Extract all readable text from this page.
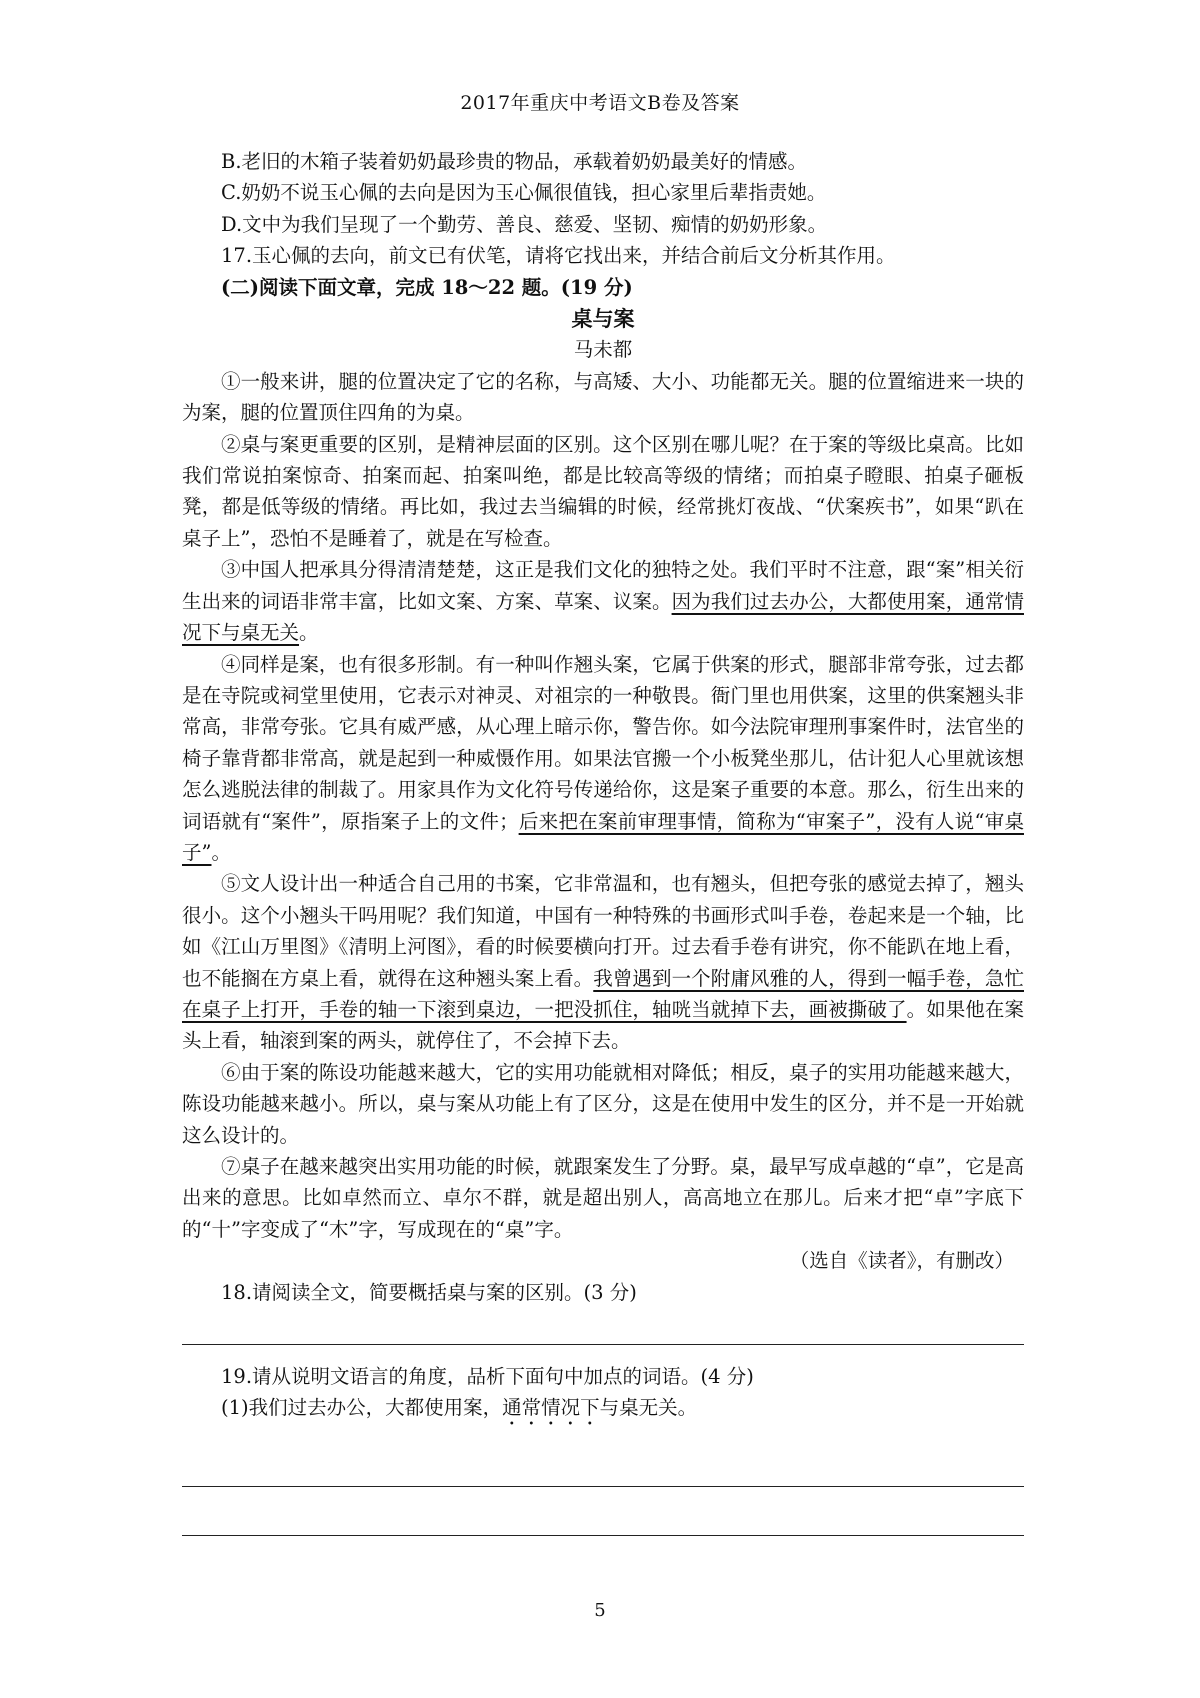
2017年重庆中考语文B卷及答案

B.老旧的木箱子装着奶奶最珍贵的物品，承载着奶奶最美好的情感。

C.奶奶不说玉心佩的去向是因为玉心佩很值钱，担心家里后辈指责她。

D.文中为我们呈现了一个勤劳、善良、慈爱、坚韧、痴情的奶奶形象。

17.玉心佩的去向，前文已有伏笔，请将它找出来，并结合前后文分析其作用。

(二)阅读下面文章，完成 18～22 题。(19 分)

桌与案

马未都

①一般来讲，腿的位置决定了它的名称，与高矮、大小、功能都无关。腿的位置缩进来一块的为案，腿的位置顶住四角的为桌。

②桌与案更重要的区别，是精神层面的区别。这个区别在哪儿呢？在于案的等级比桌高。比如我们常说拍案惊奇、拍案而起、拍案叫绝，都是比较高等级的情绪；而拍桌子瞪眼、拍桌子砸板凳，都是低等级的情绪。再比如，我过去当编辑的时候，经常挑灯夜战、“伏案疾书”，如果“趴在桌子上”，恐怕不是睡着了，就是在写检查。

③中国人把承具分得清清楚楚，这正是我们文化的独特之处。我们平时不注意，跟“案”相关衍生出来的词语非常丰富，比如文案、方案、草案、议案。因为我们过去办公，大都使用案，通常情况下与桌无关。

④同样是案，也有很多形制。有一种叫作翘头案，它属于供案的形式，腿部非常夸张，过去都是在寺院或祠堂里使用，它表示对神灵、对祖宗的一种敬畏。衙门里也用供案，这里的供案翘头非常高，非常夸张。它具有威严感，从心理上暗示你，警告你。如今法院审理刑事案件时，法官坐的椅子靠背都非常高，就是起到一种威慑作用。如果法官搬一个小板凳坐那儿，估计犯人心里就该想怎么逃脱法律的制裁了。用家具作为文化符号传递给你，这是案子重要的本意。那么，衍生出来的词语就有“案件”，原指案子上的文件；后来把在案前审理事情，简称为“审案子”，没有人说“审桌子”。

⑤文人设计出一种适合自己用的书案，它非常温和，也有翘头，但把夸张的感觉去掉了，翘头很小。这个小翘头干吗用呢？我们知道，中国有一种特殊的书画形式叫手卷，卷起来是一个轴，比如《江山万里图》《清明上河图》，看的时候要横向打开。过去看手卷有讲究，你不能趴在地上看，也不能搁在方桌上看，就得在这种翘头案上看。我曾遇到一个附庸风雅的人，得到一幅手卷，急忙在桌子上打开，手卷的轴一下滚到桌边，一把没抓住，轴咣当就掉下去，画被撕破了。如果他在案头上看，轴滚到案的两头，就停住了，不会掉下去。

⑥由于案的陈设功能越来越大，它的实用功能就相对降低；相反，桌子的实用功能越来越大，陈设功能越来越小。所以，桌与案从功能上有了区分，这是在使用中发生的区分，并不是一开始就这么设计的。

⑦桌子在越来越突出实用功能的时候，就跟案发生了分野。桌，最早写成卓越的“卓”，它是高出来的意思。比如卓然而立、卓尔不群，就是超出别人，高高地立在那儿。后来才把“卓”字底下的“十”字变成了“木”字，写成现在的“桌”字。

（选自《读者》，有删改）

18.请阅读全文，简要概括桌与案的区别。(3 分)

19.请从说明文语言的角度，品析下面句中加点的词语。(4 分)

(1)我们过去办公，大都使用案，通常情况下与桌无关。

5
